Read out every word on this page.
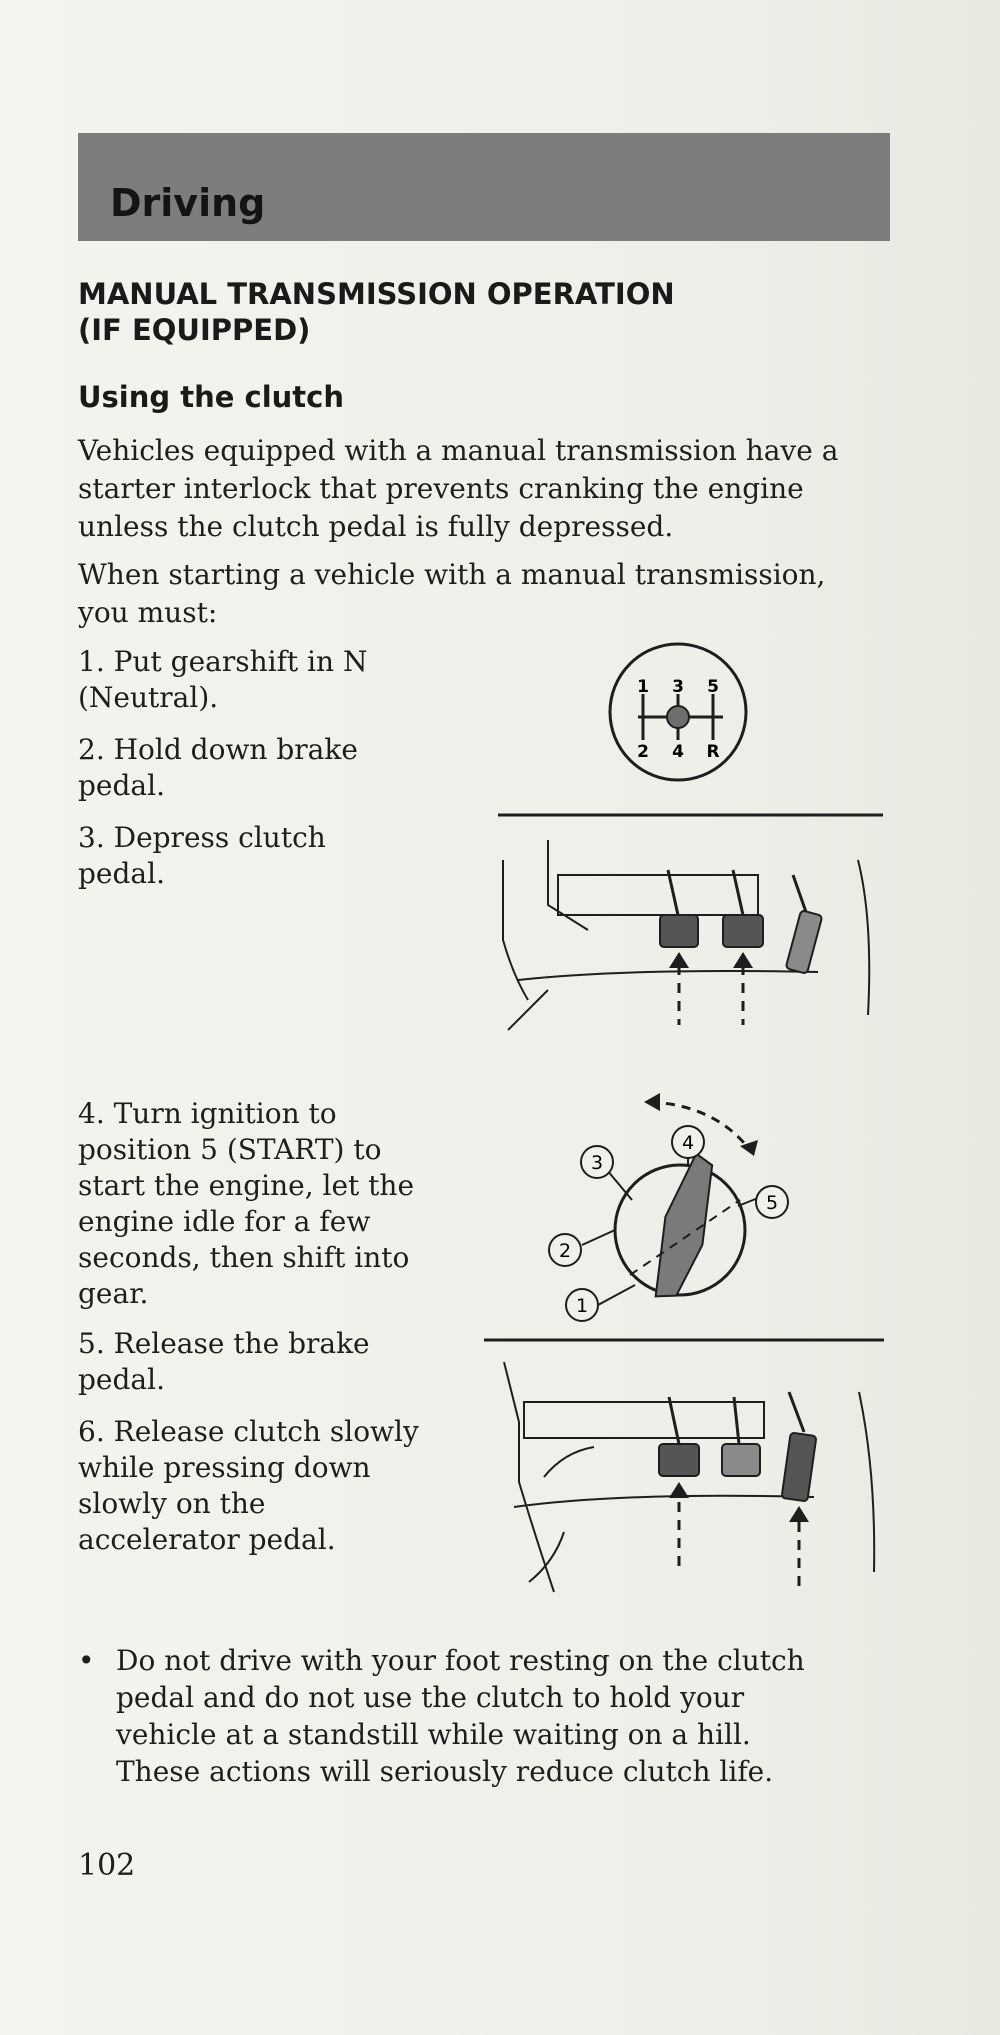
Driving
MANUAL TRANSMISSION OPERATION
(IF EQUIPPED)
Using the clutch
Vehicles equipped with a manual transmission have a
starter interlock that prevents cranking the engine
unless the clutch pedal is fully depressed.
When starting a vehicle with a manual transmission,
you must:
1. Put gearshift in N
(Neutral).
2. Hold down brake
pedal.
3. Depress clutch
pedal.
4. Turn ignition to
position 5 (START) to
start the engine, let the
engine idle for a few
seconds, then shift into
gear.
5. Release the brake
pedal.
6. Release clutch slowly
while pressing down
slowly on the
accelerator pedal.
1 3 5
2 4 R
1
2
3
4
5
• Do not drive with your foot resting on the clutch
pedal and do not use the clutch to hold your
vehicle at a standstill while waiting on a hill.
These actions will seriously reduce clutch life.
102
